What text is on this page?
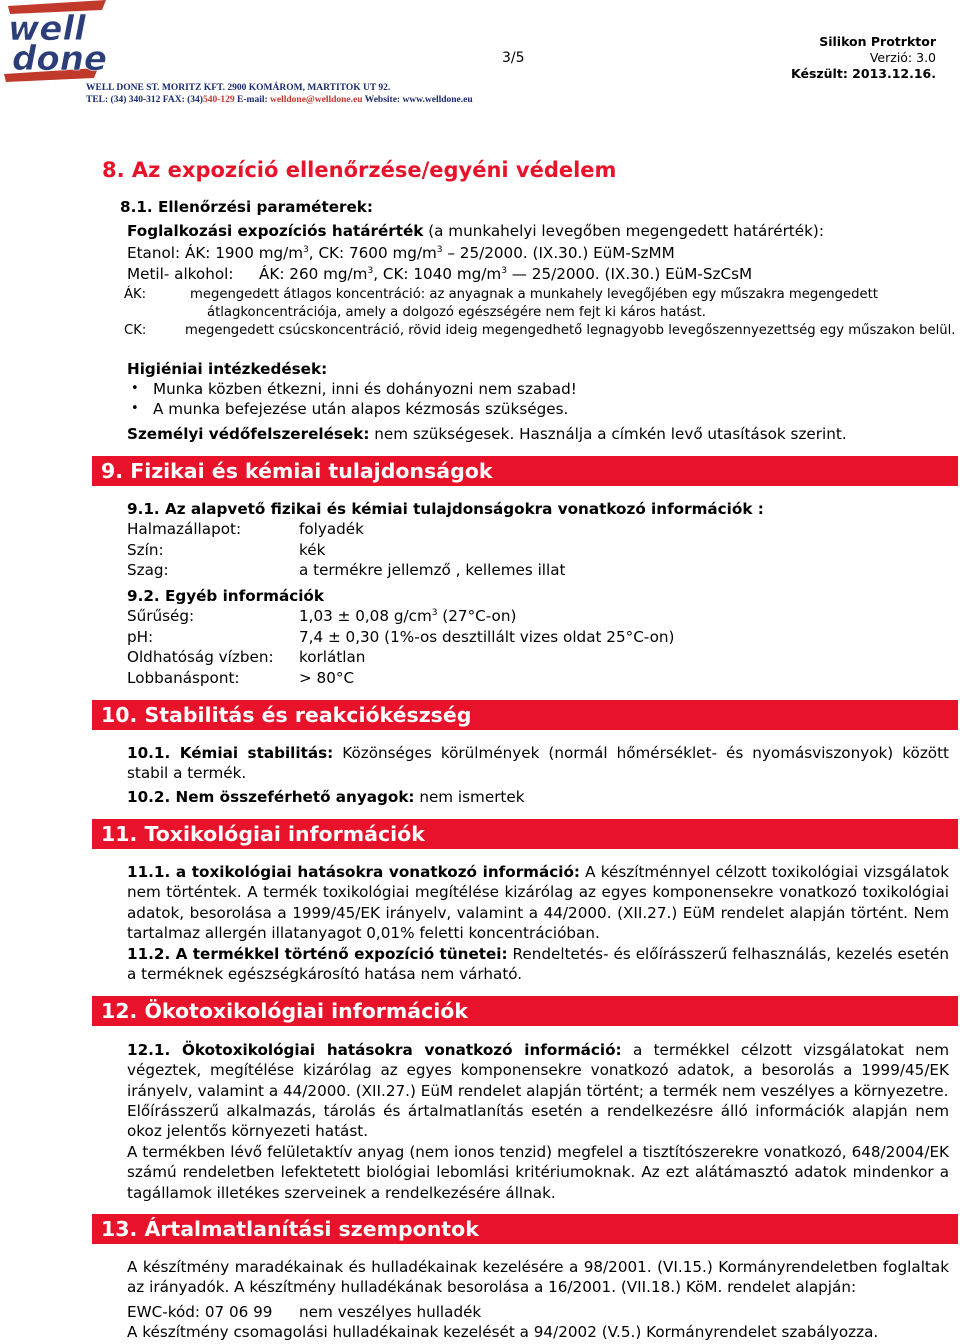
well
done
WELL DONE ST. MORITZ KFT. 2900 KOMÁROM, MARTITOK UT 92.
TEL: (34) 340-312 FAX: (34)540-129 E-mail: welldone@welldone.eu Website: www.welldone.eu
3/5
Silikon Protrktor
Verzió: 3.0
Készült: 2013.12.16.
8. Az expozíció ellenőrzése/egyéni védelem
8.1. Ellenőrzési paraméterek:
Foglalkozási expozíciós határérték (a munkahelyi levegőben megengedett határérték):
Etanol: ÁK: 1900 $mg/m^3$, CK: 7600 $mg/m^3 - 25/2000$. (IX.30.) EüM-SzMM
Metil- alkohol: ÁK: 260 $mg/m^3$, CK: 1040 $mg/m^3$ — 25/2000. (IX.30.) EüM-SzCsM
ÁK:	megengedett átlagos koncentráció: az anyagnak a munkahely levegőjében egy műszakra megengedett
átlagkoncentrációja, amely a dolgozó egészségére nem fejt ki káros hatást.
CK:	megengedett csúcskoncentráció, rövid ideig megengedhető legnagyobb levegőszennyezettség egy műszakon belül.
Higiéniai intézkedések:
• Munka közben étkezni, inni és dohányozni nem szabad!
• A munka befejezése után alapos kézmosás szükséges.
Személyi védőfelszerelések: nem szükségesek. Használja a címkén levő utasítások szerint.
9. Fizikai és kémiai tulajdonságok
9.1. Az alapvető fizikai és kémiai tulajdonságokra vonatkozó információk :
Halmazállapot:	folyadék
Szín:	kék
Szag:	a termékre jellemző , kellemes illat
9.2. Egyéb információk
Sűrűség:	1,03 ± 0,08 $g/cm^3$ (27°C-on)
pH:	7,4 ± 0,30 (1%-os desztillált vizes oldat 25°C-on)
Oldhatóság vízben: korlátlan
Lobbanáspont:	> 80°C
10. Stabilitás és reakciókészség
10.1. Kémiai stabilitás: Közönséges körülmények (normál hőmérséklet- és nyomásviszonyok) között stabil a termék.
10.2. Nem összeférhető anyagok: nem ismertek
11. Toxikológiai információk
11.1. a toxikológiai hatásokra vonatkozó információ: A készítménnyel célzott toxikológiai vizsgálatok nem történtek. A termék toxikológiai megítélése kizárólag az egyes komponensekre vonatkozó toxikológiai adatok, besorolása a 1999/45/EK irányelv, valamint a 44/2000. (XII.27.) EüM rendelet alapján történt. Nem tartalmaz allergén illatanyagot 0,01% feletti koncentrációban.
11.2. A termékkel történő expozíció tünetei: Rendeltetés- és előírásszerű felhasználás, kezelés esetén a terméknek egészségkárosító hatása nem várható.
12. Ökotoxikológiai információk
12.1. Ökotoxikológiai hatásokra vonatkozó információ: a termékkel célzott vizsgálatokat nem végeztek, megítélése kizárólag az egyes komponensekre vonatkozó adatok, a besorolás a 1999/45/EK irányelv, valamint a 44/2000. (XII.27.) EüM rendelet alapján történt; a termék nem veszélyes a környezetre.
Előírásszerű alkalmazás, tárolás és ártalmatlanítás esetén a rendelkezésre álló információk alapján nem okoz jelentős környezeti hatást.
A termékben lévő felületaktív anyag (nem ionos tenzid) megfelel a tisztítószerekre vonatkozó, 648/2004/EK számú rendeletben lefektetett biológiai lebomlási kritériumoknak. Az ezt alátámasztó adatok mindenkor a tagállamok illetékes szerveinek a rendelkezésére állnak.
13. Ártalmatlanítási szempontok
A készítmény maradékainak és hulladékainak kezelésére a 98/2001. (VI.15.) Kormányrendeletben foglaltak az irányadók. A készítmény hulladékának besorolása a 16/2001. (VII.18.) KöM. rendelet alapján:
EWC-kód: 07 06 99 nem veszélyes hulladék
A készítmény csomagolási hulladékainak kezelését a 94/2002 (V.5.) Kormányrendelet szabályozza.
